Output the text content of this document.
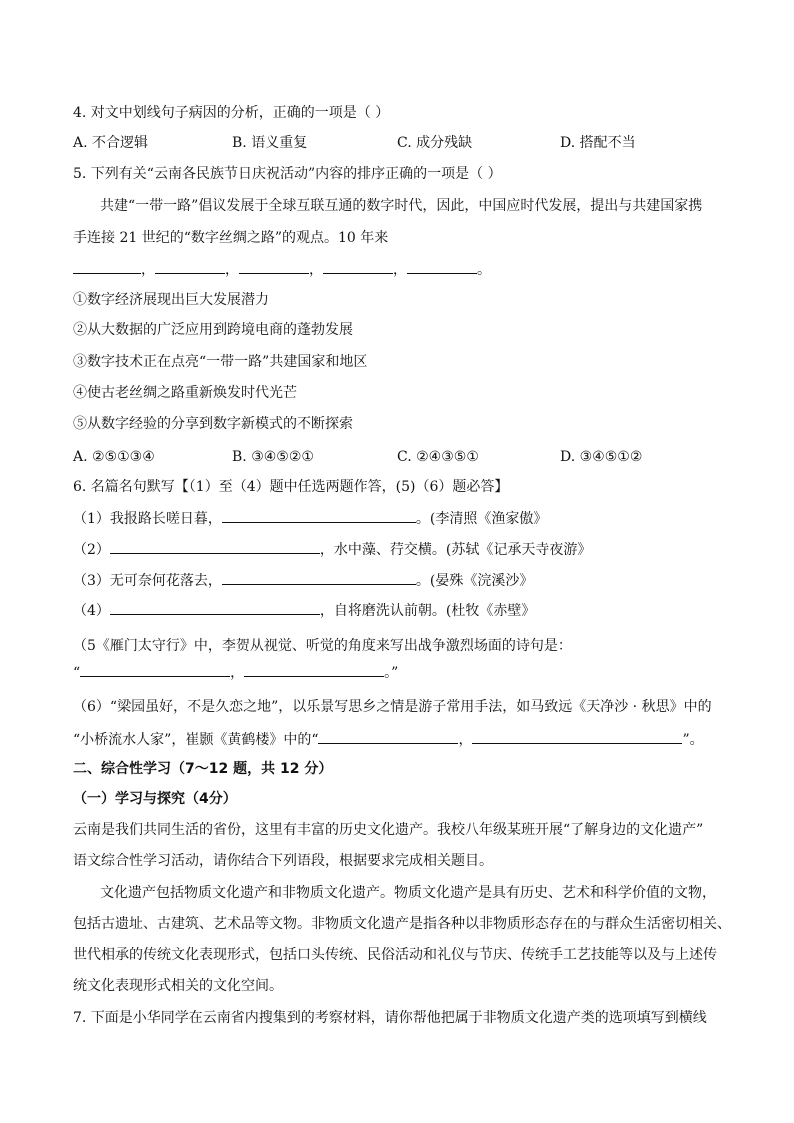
4. 对文中划线句子病因的分析，正确的一项是（ ）
A. 不合逻辑	B. 语义重复	C. 成分残缺	D. 搭配不当
5. 下列有关“云南各民族节日庆祝活动”内容的排序正确的一项是（ ）
共建“一带一路”倡议发展于全球互联互通的数字时代，因此，中国应时代发展，提出与共建国家携
手连接 21 世纪的“数字丝绸之路”的观点。10 年来
，	，	，	，	。
①数字经济展现出巨大发展潜力
②从大数据的广泛应用到跨境电商的蓬勃发展
③数字技术正在点亮“一带一路”共建国家和地区
④使古老丝绸之路重新焕发时代光芒
⑤从数字经验的分享到数字新模式的不断探索
A. ②⑤①③④	B. ③④⑤②①	C. ②④③⑤①	D. ③④⑤①②
6. 名篇名句默写【（1）至（4）题中任选两题作答，(5)（6）题必答】
（1）我报路长嗟日暮，	。(李清照《渔家傲》
（2）	，水中藻、荇交横。(苏轼《记承天寺夜游》
（3）无可奈何花落去，	。(晏殊《浣溪沙》
（4）	，自将磨洗认前朝。(杜牧《赤壁》
（5《雁门太守行》中，李贺从视觉、听觉的角度来写出战争激烈场面的诗句是：
“	，	。”
（6）“梁园虽好，不是久恋之地”，以乐景写思乡之情是游子常用手法，如马致远《天净沙 · 秋思》中的
“小桥流水人家”，崔颢《黄鹤楼》中的“	，	”。
二、综合性学习（7～12 题，共 12 分）
（一）学习与探究（4分）
云南是我们共同生活的省份，这里有丰富的历史文化遗产。我校八年级某班开展“了解身边的文化遗产”
语文综合性学习活动，请你结合下列语段，根据要求完成相关题目。
文化遗产包括物质文化遗产和非物质文化遗产。物质文化遗产是具有历史、艺术和科学价值的文物，
包括古遗址、古建筑、艺术品等文物。非物质文化遗产是指各种以非物质形态存在的与群众生活密切相关、
世代相承的传统文化表现形式，包括口头传统、民俗活动和礼仪与节庆、传统手工艺技能等以及与上述传
统文化表现形式相关的文化空间。
7. 下面是小华同学在云南省内搜集到的考察材料，请你帮他把属于非物质文化遗产类的选项填写到横线
